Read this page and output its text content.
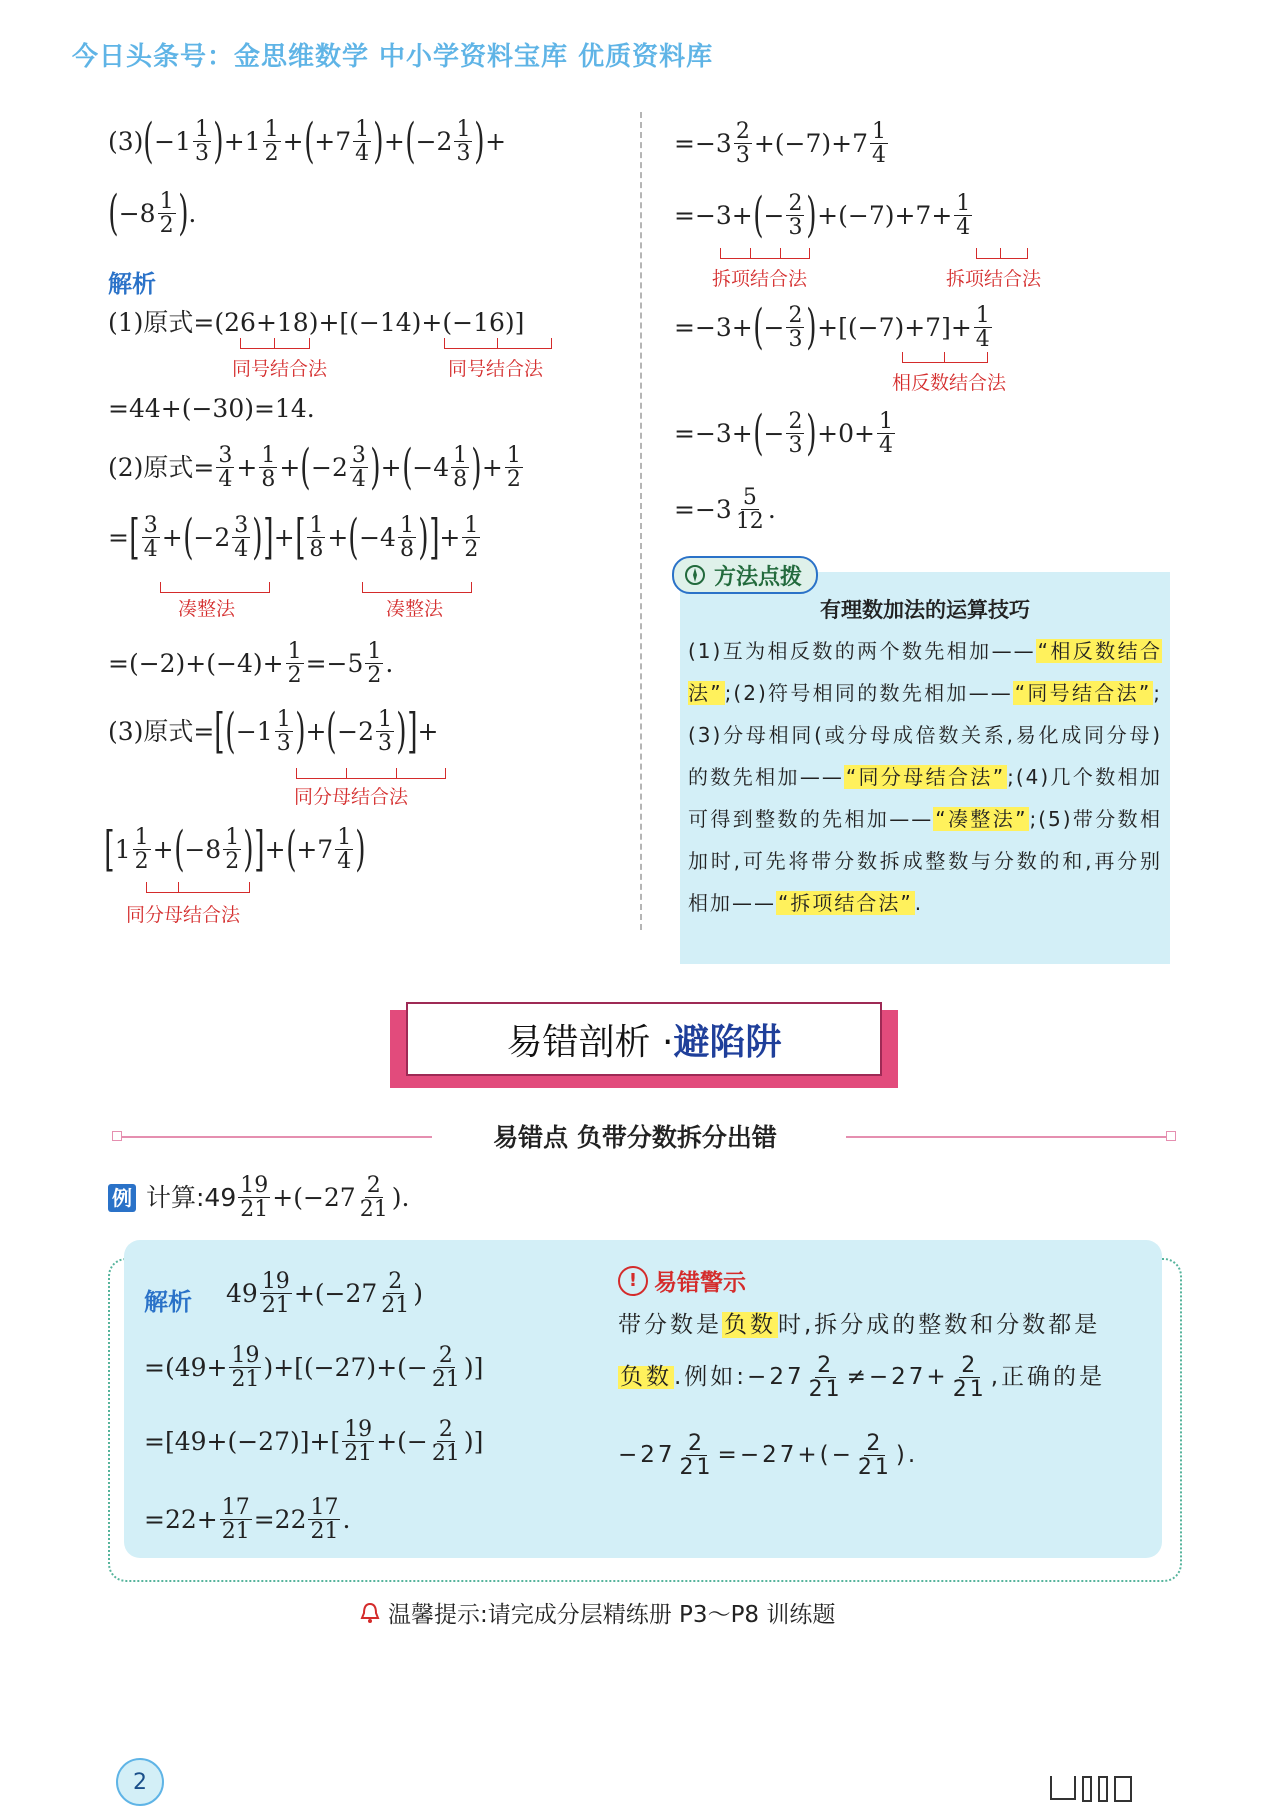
今日头条号：金思维数学 中小学资料宝库 优质资料库
(3) ( $-1 \frac{1}{3}$ ) $+1 \frac{1}{2}$ + ( $+7 \frac{1}{4}$ ) + ( $-2 \frac{1}{3}$ ) +
( $-8 \frac{1}{2}$ ) .
解析
(1)原式= (26+18)+[(−14)+(−16)]
同号结合法	同号结合法
=44+(−30)=14.
(2)原式= $\frac{3}{4} + \frac{1}{8}$ + ( $-2 \frac{3}{4}$ ) + ( $-4 \frac{1}{8}$ ) + $\frac{1}{2}$
= [ $\frac{3}{4}$ + ( $-2 \frac{3}{4}$ ) ] + [ $\frac{1}{8}$ + ( $-4 \frac{1}{8}$ ) ] + $\frac{1}{2}$
凑整法	凑整法
$=(-2)+(-4)+ \frac{1}{2} =-5 \frac{1}{2}$ .
(3)原式= [ ( $-1 \frac{1}{3}$ ) + ( $-2 \frac{1}{3}$ ) ] +
同分母结合法
[ $1 \frac{1}{2}$ + ( $-8 \frac{1}{2}$ ) ] + ( $+7 \frac{1}{4}$ )
同分母结合法
$=-3 \frac{2}{3} +(-7)+7 \frac{1}{4}$
=−3+ ( − $\frac{2}{3}$ ) $+(-7)+7+ \frac{1}{4}$
拆项结合法	拆项结合法
=−3+ ( − $\frac{2}{3}$ ) $+[(-7)+7]+ \frac{1}{4}$
相反数结合法
=−3+ ( − $\frac{2}{3}$ ) $+0+ \frac{1}{4}$
$=-3 \frac{5}{12}$ .
方法点拨
有理数加法的运算技巧
(1)互为相反数的两个数先相加—— “相反数结合法” ;(2)符号相同的数先相加—— “同号结合法” ;(3)分母相同(或分母成倍数关系,易化成同分母)的数先相加—— “同分母结合法” ;(4)几个数相加可得到整数的先相加—— “凑整法” ;(5)带分数相加时,可先将带分数拆成整数与分数的和,再分别相加—— “拆项结合法” .
易错剖析 · 避陷阱
易错点 负带分数拆分出错
例 计算:49 $\frac{19}{21} +(-27 \frac{2}{21}$ ).
解析 $49 \frac{19}{21} +(-27 \frac{2}{21}$ )
$=(49+ \frac{19}{21} )+[(-27)+(- \frac{2}{21}$ )]
$=[49+(-27)]+[ \frac{19}{21}$ +(− $\frac{2}{21}$ )]
$=22+ \frac{17}{21} =22 \frac{17}{21}$ .
! 易错警示
带分数是负数时,拆分成的整数和分数都是
负数 .例如:−27 $\frac{2}{21} \ne-27+ \frac{2}{21}$ ,正确的是
$-27 \frac{2}{21} =-27+(- \frac{2}{21}$ ).
温馨提示:请完成分层精练册 P3～P8 训练题
2
